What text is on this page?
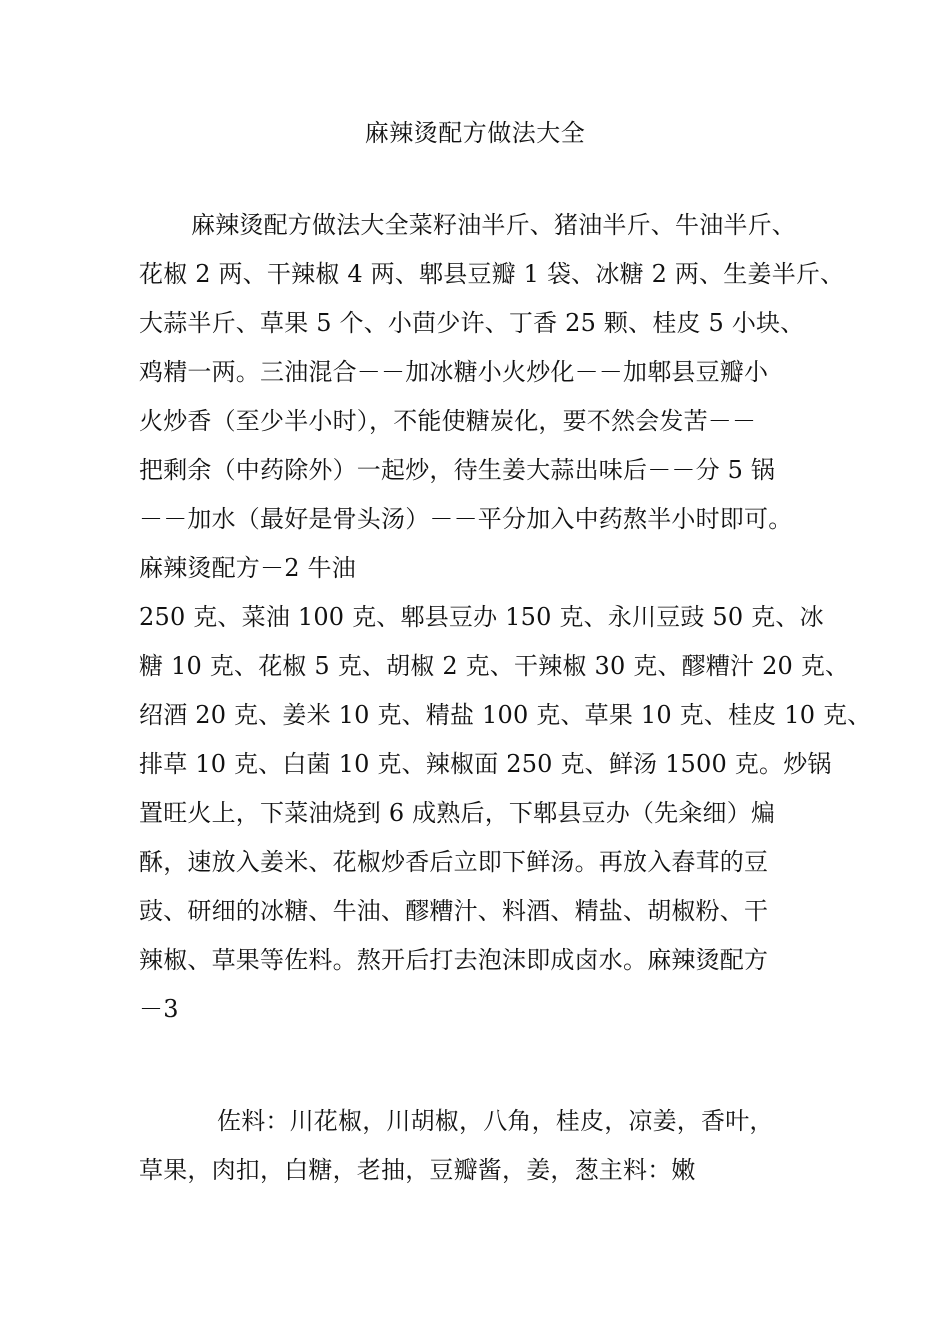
麻辣烫配方做法大全
麻辣烫配方做法大全菜籽油半斤、猪油半斤、牛油半斤、
花椒 2 两、干辣椒 4 两、郫县豆瓣 1 袋、冰糖 2 两、生姜半斤、
大蒜半斤、草果 5 个、小茴少许、丁香 25 颗、桂皮 5 小块、
鸡精一两。三油混合－－加冰糖小火炒化－－加郫县豆瓣小
火炒香（至少半小时），不能使糖炭化，要不然会发苦－－
把剩余（中药除外）一起炒，待生姜大蒜出味后－－分 5 锅
－－加水（最好是骨头汤）－－平分加入中药熬半小时即可。
麻辣烫配方－2 牛油
250 克、菜油 100 克、郫县豆办 150 克、永川豆豉 50 克、冰
糖 10 克、花椒 5 克、胡椒 2 克、干辣椒 30 克、醪糟汁 20 克、
绍酒 20 克、姜米 10 克、精盐 100 克、草果 10 克、桂皮 10 克、
排草 10 克、白菌 10 克、辣椒面 250 克、鲜汤 1500 克。炒锅
置旺火上，下菜油烧到 6 成熟后，下郫县豆办（先籴细）煸
酥，速放入姜米、花椒炒香后立即下鲜汤。再放入舂茸的豆
豉、研细的冰糖、牛油、醪糟汁、料酒、精盐、胡椒粉、干
辣椒、草果等佐料。熬开后打去泡沫即成卤水。麻辣烫配方
－3
佐料：川花椒，川胡椒，八角，桂皮，凉姜，香叶，
草果，肉扣，白糖，老抽，豆瓣酱，姜，葱主料：嫩
